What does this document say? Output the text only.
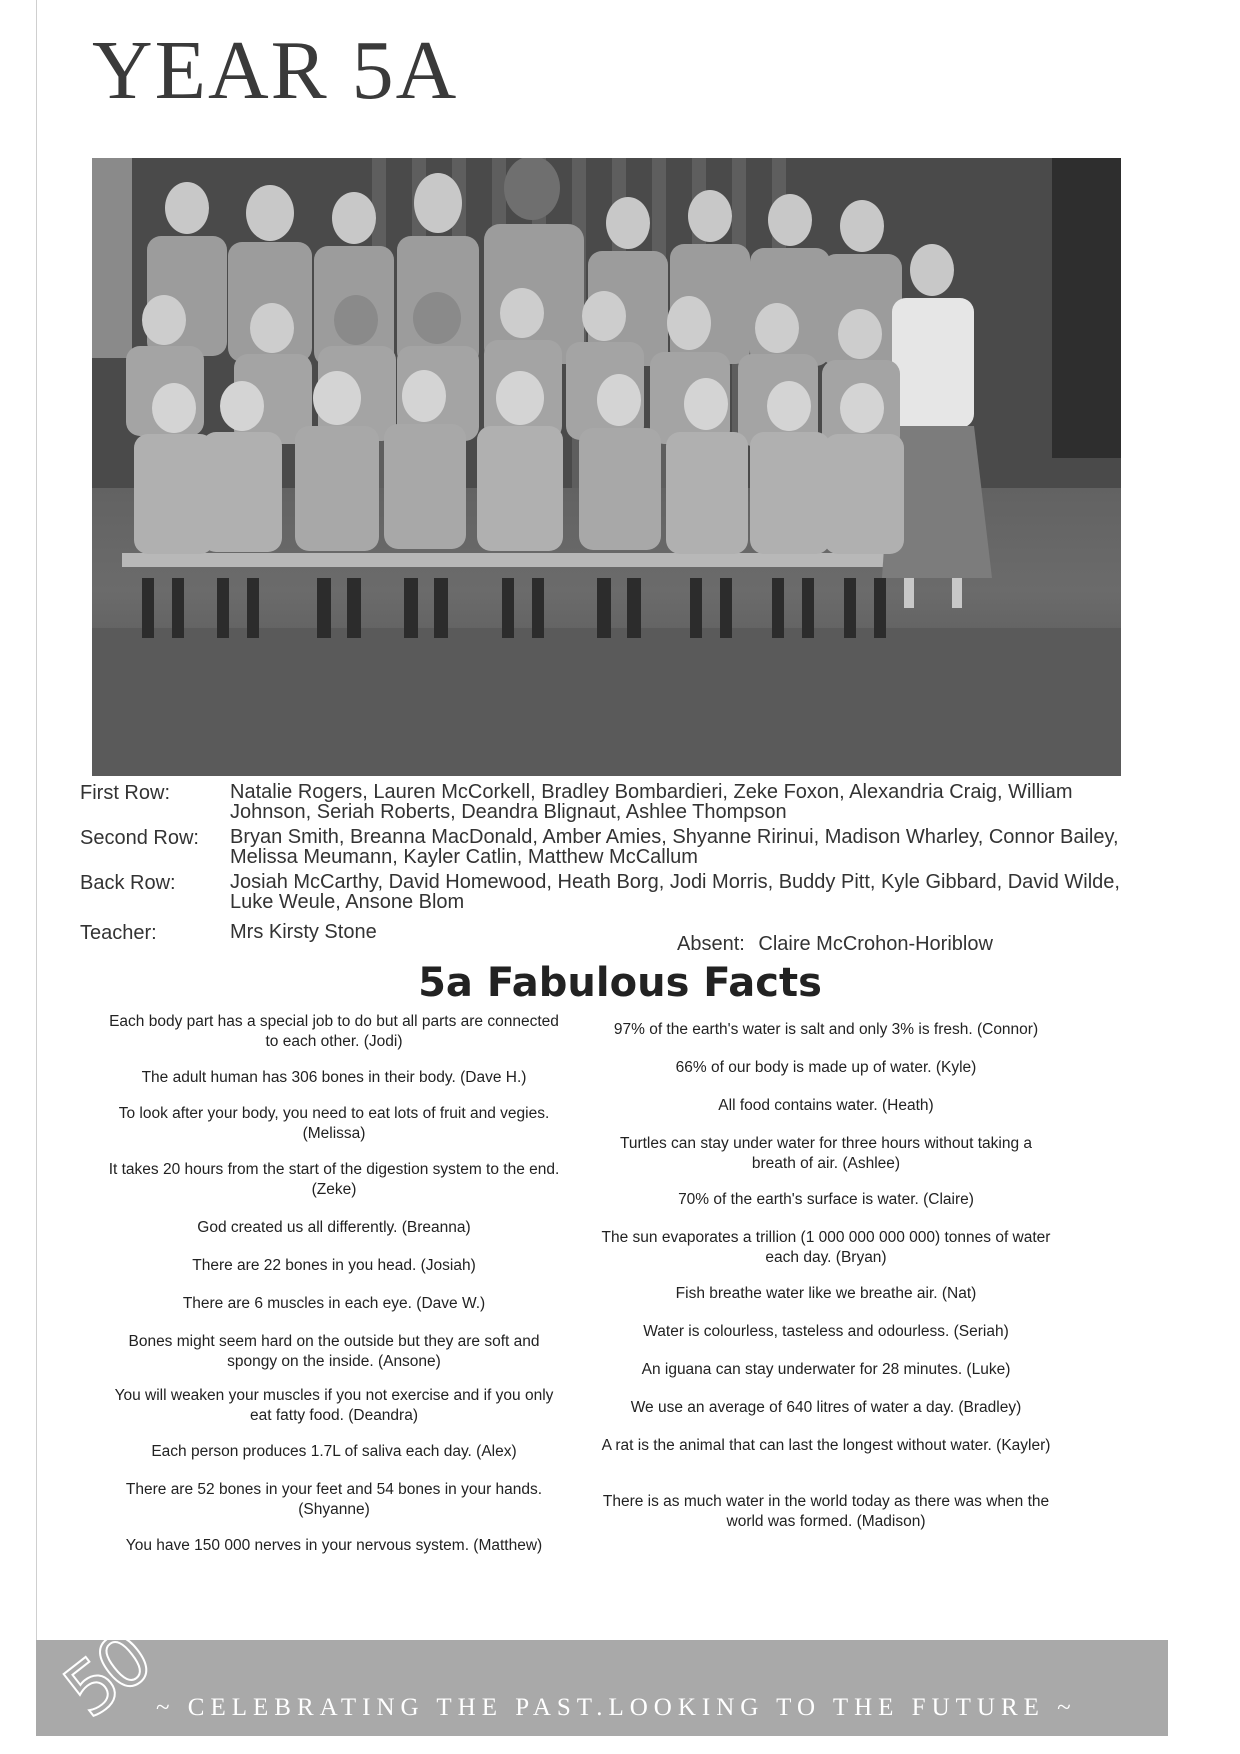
YEAR 5A
First Row:	Natalie Rogers, Lauren McCorkell, Bradley Bombardieri, Zeke Foxon, Alexandria Craig, William Johnson, Seriah Roberts, Deandra Blignaut, Ashlee Thompson
Second Row: Bryan Smith, Breanna MacDonald, Amber Amies, Shyanne Ririnui, Madison Wharley, Connor Bailey, Melissa Meumann, Kayler Catlin, Matthew McCallum
Back Row:	Josiah McCarthy, David Homewood, Heath Borg, Jodi Morris, Buddy Pitt, Kyle Gibbard, David Wilde, Luke Weule, Ansone Blom
Teacher:	Mrs Kirsty Stone
Absent: Claire McCrohon-Horiblow
5a Fabulous Facts

Each body part has a special job to do but all parts are connected to each other. (Jodi)

The adult human has 306 bones in their body. (Dave H.)

To look after your body, you need to eat lots of fruit and vegies. (Melissa)

It takes 20 hours from the start of the digestion system to the end. (Zeke)

God created us all differently. (Breanna)

There are 22 bones in you head. (Josiah)

There are 6 muscles in each eye. (Dave W.)

Bones might seem hard on the outside but they are soft and spongy on the inside. (Ansone)

You will weaken your muscles if you not exercise and if you only eat fatty food. (Deandra)

Each person produces 1.7L of saliva each day. (Alex)

There are 52 bones in your feet and 54 bones in your hands. (Shyanne)

You have 150 000 nerves in your nervous system. (Matthew)

97% of the earth's water is salt and only 3% is fresh. (Connor)

66% of our body is made up of water. (Kyle)

All food contains water. (Heath)

Turtles can stay under water for three hours without taking a breath of air. (Ashlee)

70% of the earth's surface is water. (Claire)

The sun evaporates a trillion (1 000 000 000 000) tonnes of water each day. (Bryan)

Fish breathe water like we breathe air. (Nat)

Water is colourless, tasteless and odourless. (Seriah)

An iguana can stay underwater for 28 minutes. (Luke)

We use an average of 640 litres of water a day. (Bradley)

A rat is the animal that can last the longest without water. (Kayler)

There is as much water in the world today as there was when the world was formed. (Madison)

50
~ CELEBRATING THE PAST.LOOKING TO THE FUTURE ~
